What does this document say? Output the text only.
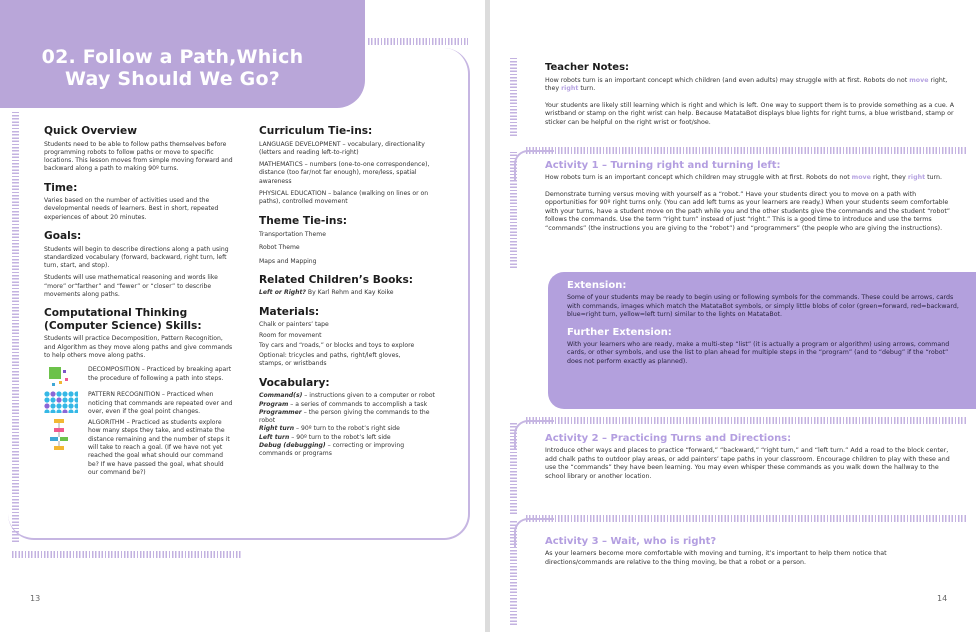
02. Follow a Path,Which
Way Should We Go?

Quick Overview

Students need to be able to follow paths themselves before programming robots to follow paths or move to specific locations. This lesson moves from simple moving forward and backward along a path to making 90º turns.

Time:

Varies based on the number of activities used and the developmental needs of learners. Best in short, repeated experiences of about 20 minutes.

Goals:

Students will begin to describe directions along a path using standardized vocabulary (forward, backward, right turn, left turn, start, and stop).

Students will use mathematical reasoning and words like “more” or“farther” and “fewer” or “closer” to describe movements along paths.

Computational Thinking

(Computer Science) Skills:

Students will practice Decomposition, Pattern Recognition, and Algorithm as they move along paths and give commands to help others move along paths.

DECOMPOSITION – Practiced by breaking apart the procedure of following a path into steps.

PATTERN RECOGNITION – Practiced when noticing that commands are repeated over and over, even if the goal point changes.

ALGORITHM – Practiced as students explore how many steps they take, and estimate the distance remaining and the number of steps it will take to reach a goal. (If we have not yet reached the goal what should our command be? If we have passed the goal, what should our command be?)

Curriculum Tie-ins:

LANGUAGE DEVELOPMENT – vocabulary, directionality (letters and reading left-to-right)

MATHEMATICS – numbers (one-to-one correspondence), distance (too far/not far enough), more/less, spatial awareness

PHYSICAL EDUCATION – balance (walking on lines or on paths), controlled movement

Theme Tie-ins:

Transportation Theme

Robot Theme

Maps and Mapping

Related Children’s Books:

Left or Right? By Karl Rehm and Kay Koike

Materials:

Chalk or painters’ tape

Room for movement

Toy cars and “roads,” or blocks and toys to explore

Optional: tricycles and paths, right/left gloves, stamps, or wristbands

Vocabulary:

Command(s) – instructions given to a computer or robot

Program – a series of commands to accomplish a task

Programmer – the person giving the commands to the robot

Right turn – 90º turn to the robot’s right side

Left turn – 90º turn to the robot’s left side

Debug (debugging) – correcting or improving commands or programs

13
Teacher Notes:

How robots turn is an important concept which children (and even adults) may struggle with at first. Robots do not move right, they right turn.

Your students are likely still learning which is right and which is left. One way to support them is to provide something as a cue. A wristband or stamp on the right wrist can help. Because MatataBot displays blue lights for right turns, a blue wristband, stamp or sticker can be helpful on the right wrist or foot/shoe.

Activity 1 – Turning right and turning left:

How robots turn is an important concept which children may struggle with at first. Robots do not move right, they right turn.

Demonstrate turning versus moving with yourself as a “robot.” Have your students direct you to move on a path with opportunities for 90º right turns only. (You can add left turns as your learners are ready.) When your students seem comfortable with your turns, have a student move on the path while you and the other students give the commands and the student “robot” follows the commands. Use the term “right turn” instead of just “right.” This is a good time to introduce and use the terms “commands” (the instructions you are giving to the “robot”) and “programmers” (the people who are giving the instructions).

Extension:

Some of your students may be ready to begin using or following symbols for the commands. These could be arrows, cards with commands, images which match the MatataBot symbols, or simply little blobs of color (green=forward, red=backward, blue=right turn, yellow=left turn) similar to the lights on MatataBot.

Further Extension:

With your learners who are ready, make a multi-step “list” (it is actually a program or algorithm) using arrows, command cards, or other symbols, and use the list to plan ahead for multiple steps in the “program” (and to “debug” if the “robot” does not perform exactly as planned).

Activity 2 – Practicing Turns and Directions:

Introduce other ways and places to practice “forward,” “backward,” “right turn,” and “left turn.” Add a road to the block center, add chalk paths to outdoor play areas, or add painters’ tape paths in your classroom. Encourage children to play with these and use the “commands” they have been learning. You may even whisper these commands as you walk down the hallway to the school library or another location.

Activity 3 – Wait, who is right?

As your learners become more comfortable with moving and turning, it’s important to help them notice that directions/commands are relative to the thing moving, be that a robot or a person.

14
